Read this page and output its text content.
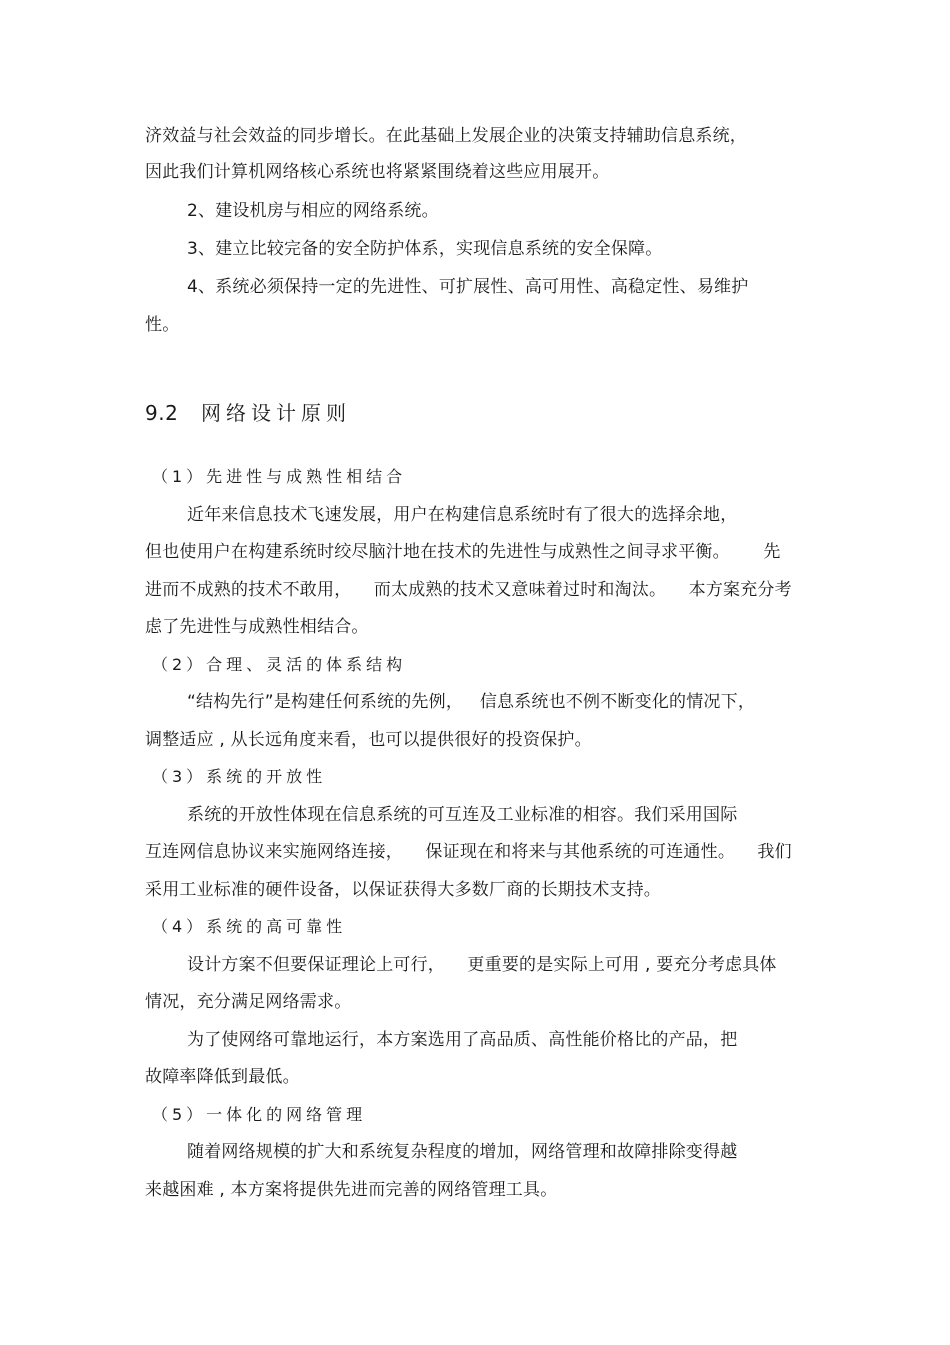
济效益与社会效益的同步增长。在此基础上发展企业的决策支持辅助信息系统，

因此我们计算机网络核心系统也将紧紧围绕着这些应用展开。

2、建设机房与相应的网络系统。

3、建立比较完备的安全防护体系，实现信息系统的安全保障。

4、系统必须保持一定的先进性、可扩展性、高可用性、高稳定性、易维护

性。

9.2 网络设计原则
（1）先进性与成熟性相结合

近年来信息技术飞速发展，用户在构建信息系统时有了很大的选择余地，

但也使用户在构建系统时绞尽脑汁地在技术的先进性与成熟性之间寻求平衡。      先

进而不成熟的技术不敢用，    而太成熟的技术又意味着过时和淘汰。    本方案充分考

虑了先进性与成熟性相结合。

（2）合理、灵活的体系结构

“结构先行”是构建任何系统的先例，   信息系统也不例不断变化的情况下，

调整适应 , 从长远角度来看，也可以提供很好的投资保护。

（3）系统的开放性

系统的开放性体现在信息系统的可互连及工业标准的相容。我们采用国际

互连网信息协议来实施网络连接，    保证现在和将来与其他系统的可连通性。    我们

采用工业标准的硬件设备，以保证获得大多数厂商的长期技术支持。

（4）系统的高可靠性

设计方案不但要保证理论上可行，    更重要的是实际上可用 , 要充分考虑具体

情况，充分满足网络需求。

为了使网络可靠地运行，本方案选用了高品质、高性能价格比的产品，把

故障率降低到最低。

（5）一体化的网络管理

随着网络规模的扩大和系统复杂程度的增加，网络管理和故障排除变得越

来越困难 , 本方案将提供先进而完善的网络管理工具。
